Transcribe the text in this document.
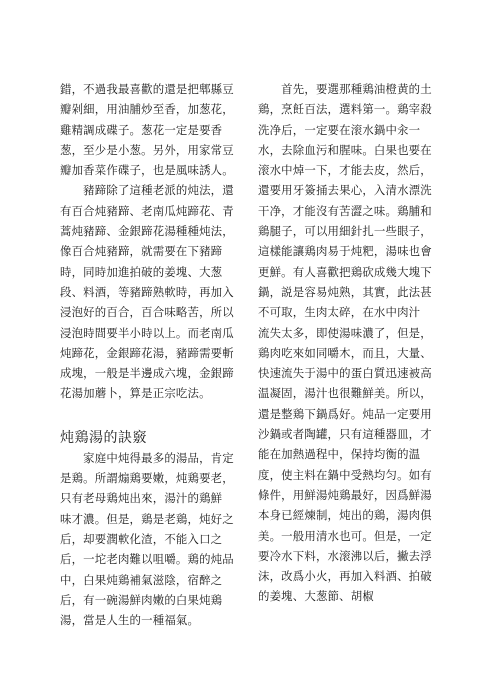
錯，不過我最喜歡的還是把郫縣豆
瓣剁細，用油脯炒至香，加葱花，
雞精調成碟子。葱花一定是要香
葱，至少是小葱。另外，用家常豆
瓣加香菜作碟子，也是風味誘人。
　　豬蹄除了這種老派的炖法，還
有百合炖豬蹄、老南瓜炖蹄花、青
蒿炖豬蹄、金銀蹄花湯種種炖法，
像百合炖豬蹄，就需要在下豬蹄
時，同時加進拍破的姜塊、大葱
段、料酒，等豬蹄熟軟時，再加入
浸泡好的百合，百合味略苦，所以
浸泡時間要半小時以上。而老南瓜
炖蹄花，金銀蹄花湯，豬蹄需要斬
成塊，一般是半邊成六塊，金銀蹄
花湯加蘑卜，算是正宗吃法。
炖鶏湯的訣竅
　　家庭中炖得最多的湯品，肯定
是鶏。所謂煽鶏要嫩，炖鶏要老，
只有老母鶏炖出來，湯汁的鶏鮮
味才濃。但是，鶏是老鶏，炖好之
后，却要潤軟化渣，不能入口之
后，一坨老肉難以咀嚼。鶏的炖品
中，白果炖鶏補氣滋陰，宿醉之
后，有一碗湯鮮肉嫩的白果炖鶏
湯，當是人生的一種福氣。
　　首先，要選那種鶏油橙黄的土
鶏，烹飪百法，選料第一。鶏宰殺
洗净后，一定要在滚水鍋中汆一
水，去除血污和腥味。白果也要在
滚水中焯一下，才能去皮，然后，
還要用牙簽捅去果心，入清水漂洗
干净，才能沒有苦澀之味。鶏脯和
鶏腿子，可以用細針扎一些眼子，
這樣能讓鶏肉易于炖粑，湯味也會
更鮮。有人喜歡把鶏砍成幾大塊下
鍋，説是容易炖熟，其實，此法甚
不可取，生肉太碎，在水中肉汁
流失太多，即使湯味濃了，但是，
鶏肉吃來如同嚼木，而且，大量、
快速流失于湯中的蛋白質迅速被高
温凝固，湯汁也很難鮮美。所以，
還是整鶏下鍋爲好。炖品一定要用
沙鍋或者陶罐，只有這種器皿，才
能在加熱過程中，保持均衡的温
度，使主料在鍋中受熱均匀。如有
條件，用鮮湯炖鶏最好，因爲鮮湯
本身已經煉制，炖出的鶏，湯肉俱
美。一般用清水也可。但是，一定
要冷水下料，水滚沸以后，撇去浮
沫，改爲小火，再加入料酒、拍破
的姜塊、大葱節、胡椒
